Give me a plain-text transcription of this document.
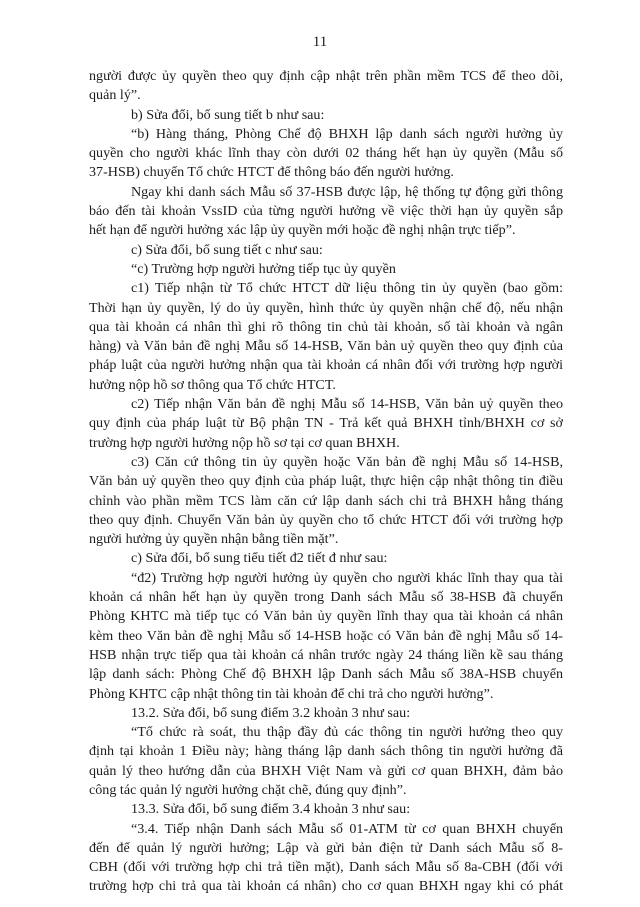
11
người được ủy quyền theo quy định cập nhật trên phần mềm TCS để theo dõi,
quản lý”.
b) Sửa đổi, bổ sung tiết b như sau:
“b) Hàng tháng, Phòng Chế độ BHXH lập danh sách người hưởng ủy
quyền cho người khác lĩnh thay còn dưới 02 tháng hết hạn ủy quyền (Mẫu số
37-HSB) chuyển Tổ chức HTCT để thông báo đến người hưởng.
Ngay khi danh sách Mẫu số 37-HSB được lập, hệ thống tự động gửi thông
báo đến tài khoản VssID của từng người hưởng về việc thời hạn ủy quyền sắp
hết hạn để người hưởng xác lập ủy quyền mới hoặc đề nghị nhận trực tiếp”.
c) Sửa đổi, bổ sung tiết c như sau:
“c) Trường hợp người hưởng tiếp tục ủy quyền
c1) Tiếp nhận từ Tổ chức HTCT dữ liệu thông tin ủy quyền (bao gồm:
Thời hạn ủy quyền, lý do ủy quyền, hình thức ủy quyền nhận chế độ, nếu nhận
qua tài khoản cá nhân thì ghi rõ thông tin chủ tài khoản, số tài khoản và ngân
hàng) và Văn bản đề nghị Mẫu số 14-HSB, Văn bản uỷ quyền theo quy định của
pháp luật của người hưởng nhận qua tài khoản cá nhân đối với trường hợp người
hưởng nộp hồ sơ thông qua Tổ chức HTCT.
c2) Tiếp nhận Văn bản đề nghị Mẫu số 14-HSB, Văn bản uỷ quyền theo
quy định của pháp luật từ Bộ phận TN - Trả kết quả BHXH tỉnh/BHXH cơ sở
trường hợp người hưởng nộp hồ sơ tại cơ quan BHXH.
c3) Căn cứ thông tin ủy quyền hoặc Văn bản đề nghị Mẫu số 14-HSB,
Văn bản uỷ quyền theo quy định của pháp luật, thực hiện cập nhật thông tin điều
chỉnh vào phần mềm TCS làm căn cứ lập danh sách chi trả BHXH hằng tháng
theo quy định. Chuyển Văn bản ủy quyền cho tổ chức HTCT đối với trường hợp
người hưởng ủy quyền nhận bằng tiền mặt”.
c) Sửa đổi, bổ sung tiểu tiết đ2 tiết đ như sau:
“đ2) Trường hợp người hưởng ủy quyền cho người khác lĩnh thay qua tài
khoản cá nhân hết hạn ủy quyền trong Danh sách Mẫu số 38-HSB đã chuyển
Phòng KHTC mà tiếp tục có Văn bản ủy quyền lĩnh thay qua tài khoản cá nhân
kèm theo Văn bản đề nghị Mẫu số 14-HSB hoặc có Văn bản đề nghị Mẫu số 14-
HSB nhận trực tiếp qua tài khoản cá nhân trước ngày 24 tháng liền kề sau tháng
lập danh sách: Phòng Chế độ BHXH lập Danh sách Mẫu số 38A-HSB chuyển
Phòng KHTC cập nhật thông tin tài khoản để chi trả cho người hưởng”.
13.2. Sửa đổi, bổ sung điểm 3.2 khoản 3 như sau:
“Tổ chức rà soát, thu thập đầy đủ các thông tin người hưởng theo quy
định tại khoản 1 Điều này; hàng tháng lập danh sách thông tin người hưởng đã
quản lý theo hướng dẫn của BHXH Việt Nam và gửi cơ quan BHXH, đảm bảo
công tác quản lý người hưởng chặt chẽ, đúng quy định”.
13.3. Sửa đổi, bổ sung điểm 3.4 khoản 3 như sau:
“3.4. Tiếp nhận Danh sách Mẫu số 01-ATM từ cơ quan BHXH chuyển
đến để quản lý người hưởng; Lập và gửi bản điện tử Danh sách Mẫu số 8-
CBH (đối với trường hợp chi trả tiền mặt), Danh sách Mẫu số 8a-CBH (đối với
trường hợp chi trả qua tài khoản cá nhân) cho cơ quan BHXH ngay khi có phát
